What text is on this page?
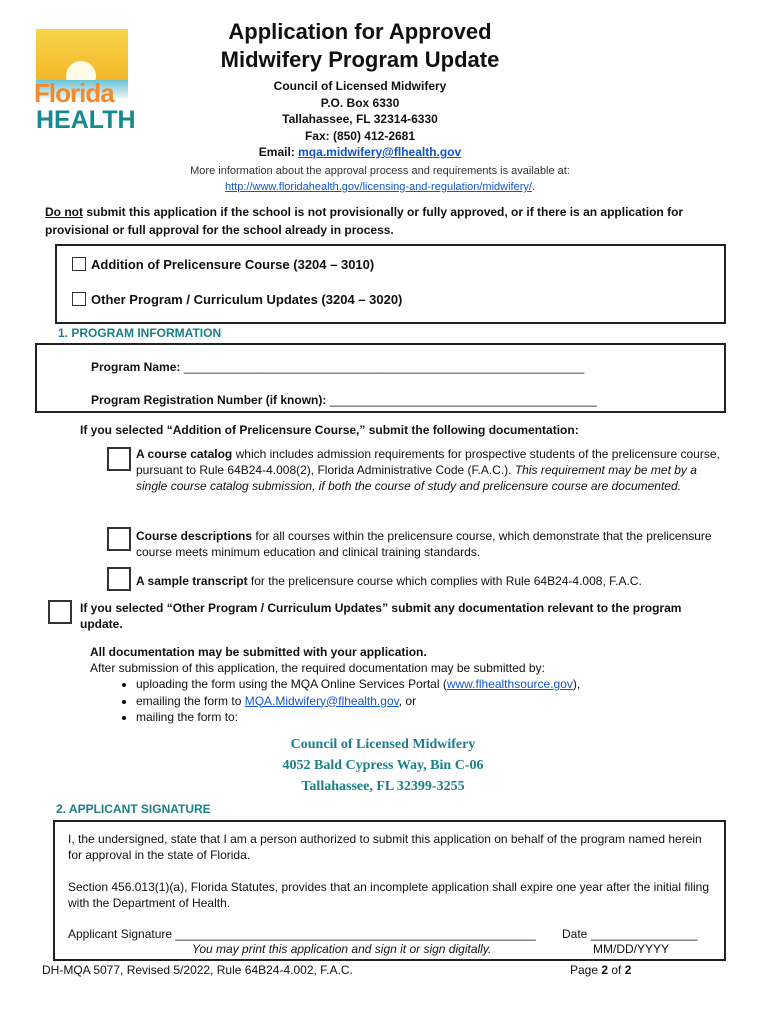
Florida
HEALTH
Application for Approved
Midwifery Program Update
Council of Licensed Midwifery
P.O. Box 6330
Tallahassee, FL 32314-6330
Fax: (850) 412-2681
Email: mqa.midwifery@flhealth.gov
More information about the approval process and requirements is available at:
http://www.floridahealth.gov/licensing-and-regulation/midwifery/.
Do not submit this application if the school is not provisionally or fully approved, or if there is an application for provisional or full approval for the school already in process.
Addition of Prelicensure Course (3204 – 3010)
Other Program / Curriculum Updates (3204 – 3020)
1. PROGRAM INFORMATION
Program Name: ____________________________________________________________
Program Registration Number (if known): ________________________________________
If you selected “Addition of Prelicensure Course,” submit the following documentation:
A course catalog which includes admission requirements for prospective students of the prelicensure course, pursuant to Rule 64B24-4.008(2), Florida Administrative Code (F.A.C.). This requirement may be met by a single course catalog submission, if both the course of study and prelicensure course are documented.
Course descriptions for all courses within the prelicensure course, which demonstrate that the prelicensure course meets minimum education and clinical training standards.
A sample transcript for the prelicensure course which complies with Rule 64B24-4.008, F.A.C.
If you selected “Other Program / Curriculum Updates” submit any documentation relevant to the program update.
All documentation may be submitted with your application.
After submission of this application, the required documentation may be submitted by:
• uploading the form using the MQA Online Services Portal (www.flhealthsource.gov),
• emailing the form to MQA.Midwifery@flhealth.gov, or
• mailing the form to:
Council of Licensed Midwifery
4052 Bald Cypress Way, Bin C-06
Tallahassee, FL 32399-3255
2. APPLICANT SIGNATURE
I, the undersigned, state that I am a person authorized to submit this application on behalf of the program named herein for approval in the state of Florida.
Section 456.013(1)(a), Florida Statutes, provides that an incomplete application shall expire one year after the initial filing with the Department of Health.
Applicant Signature ______________________________________________________
You may print this application and sign it or sign digitally.
Date ________________
MM/DD/YYYY
DH-MQA 5077, Revised 5/2022, Rule 64B24-4.002, F.A.C.	Page 2 of 2
